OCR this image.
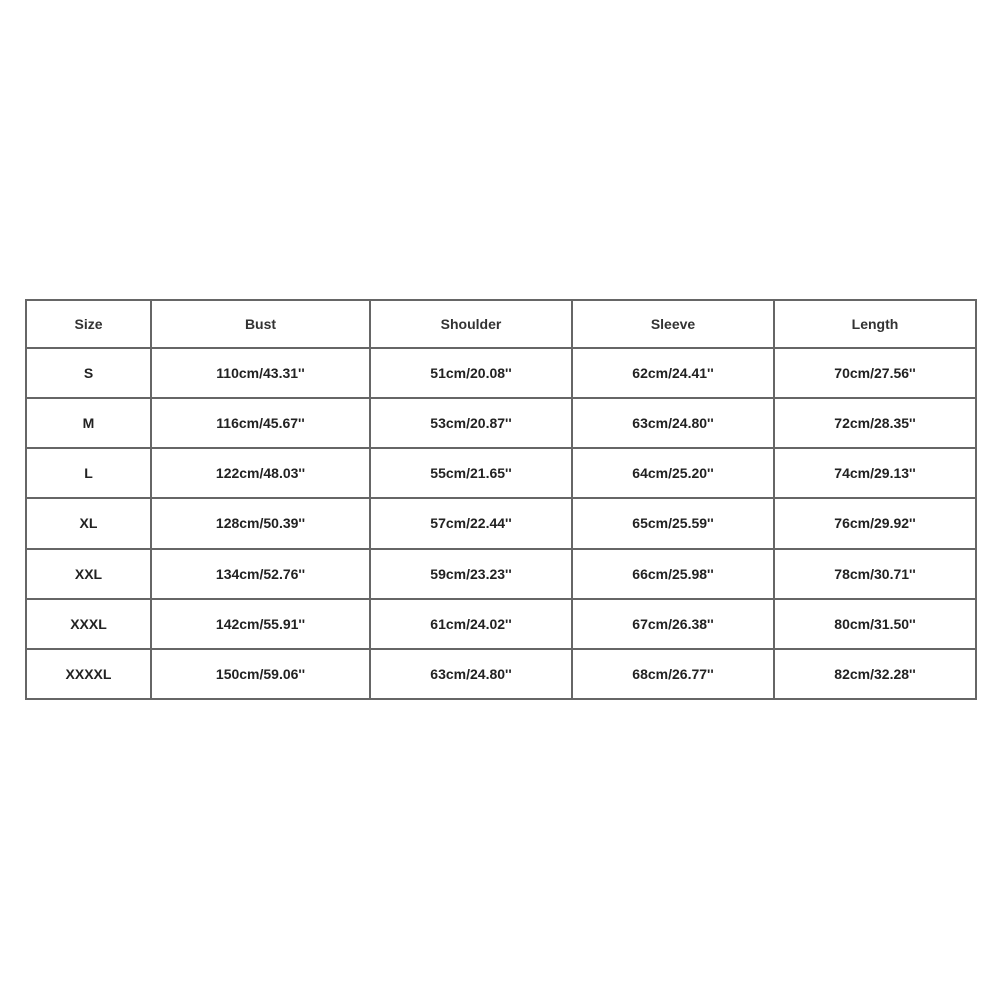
Size	Bust	Shoulder	Sleeve	Length
S	110cm/43.31''	51cm/20.08''	62cm/24.41''	70cm/27.56''
M	116cm/45.67''	53cm/20.87''	63cm/24.80''	72cm/28.35''
L	122cm/48.03''	55cm/21.65''	64cm/25.20''	74cm/29.13''
XL	128cm/50.39''	57cm/22.44''	65cm/25.59''	76cm/29.92''
XXL	134cm/52.76''	59cm/23.23''	66cm/25.98''	78cm/30.71''
XXXL	142cm/55.91''	61cm/24.02''	67cm/26.38''	80cm/31.50''
XXXXL	150cm/59.06''	63cm/24.80''	68cm/26.77''	82cm/32.28''
